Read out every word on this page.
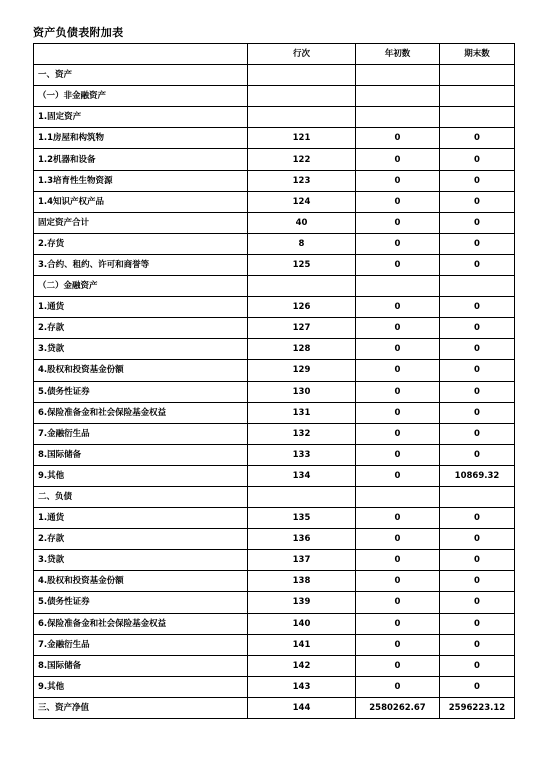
资产负债表附加表
	行次	年初数	期末数
一、资产			
（一）非金融资产			
1.固定资产			
1.1房屋和构筑物	121	0	0
1.2机器和设备	122	0	0
1.3培育性生物资源	123	0	0
1.4知识产权产品	124	0	0
固定资产合计	40	0	0
2.存货	8	0	0
3.合约、租约、许可和商誉等	125	0	0
（二）金融资产			
1.通货	126	0	0
2.存款	127	0	0
3.贷款	128	0	0
4.股权和投资基金份额	129	0	0
5.债务性证券	130	0	0
6.保险准备金和社会保险基金权益	131	0	0
7.金融衍生品	132	0	0
8.国际储备	133	0	0
9.其他	134	0	10869.32
二、负债			
1.通货	135	0	0
2.存款	136	0	0
3.贷款	137	0	0
4.股权和投资基金份额	138	0	0
5.债务性证券	139	0	0
6.保险准备金和社会保险基金权益	140	0	0
7.金融衍生品	141	0	0
8.国际储备	142	0	0
9.其他	143	0	0
三、资产净值	144	2580262.67	2596223.12
